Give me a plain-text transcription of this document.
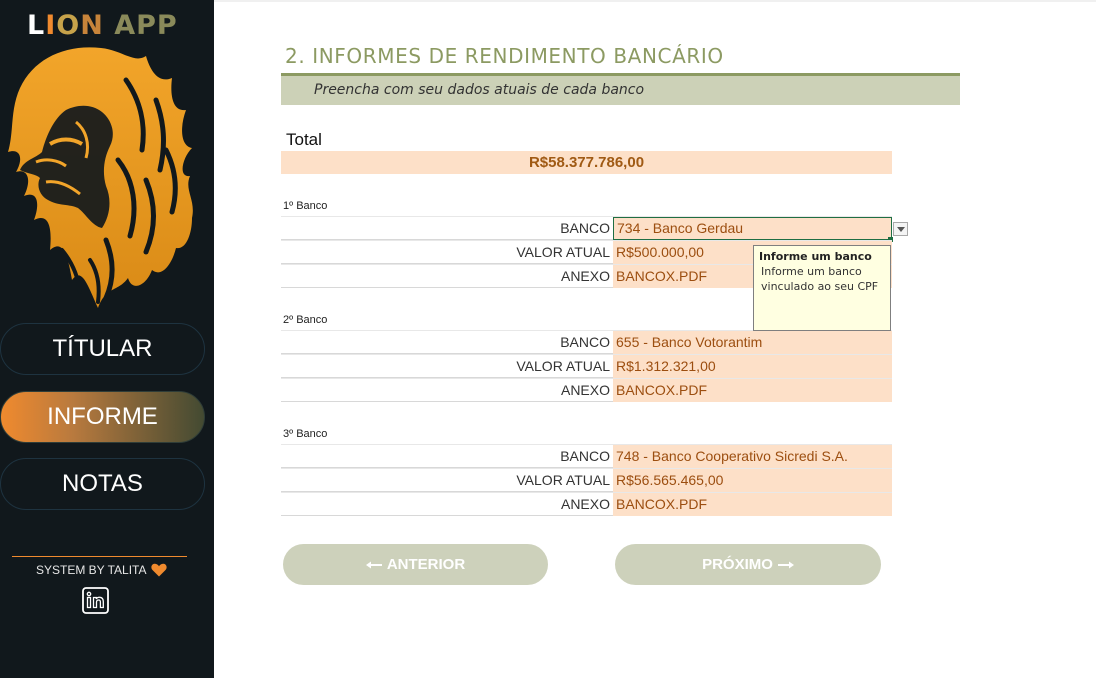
LION APP
TÍTULAR
INFORME
NOTAS
SYSTEM BY TALITA
2. INFORMES DE RENDIMENTO BANCÁRIO
Preencha com seu dados atuais de cada banco
Total
R$58.377.786,00
1º Banco
BANCO 734 - Banco Gerdau
VALOR ATUAL R$500.000,00
ANEXO BANCOX.PDF
2º Banco
BANCO 655 - Banco Votorantim
VALOR ATUAL R$1.312.321,00
ANEXO BANCOX.PDF
3º Banco
BANCO 748 - Banco Cooperativo Sicredi S.A.
VALOR ATUAL R$56.565.465,00
ANEXO BANCOX.PDF
Informe um banco
Informe um banco vinculado ao seu CPF
ANTERIOR	PRÓXIMO
